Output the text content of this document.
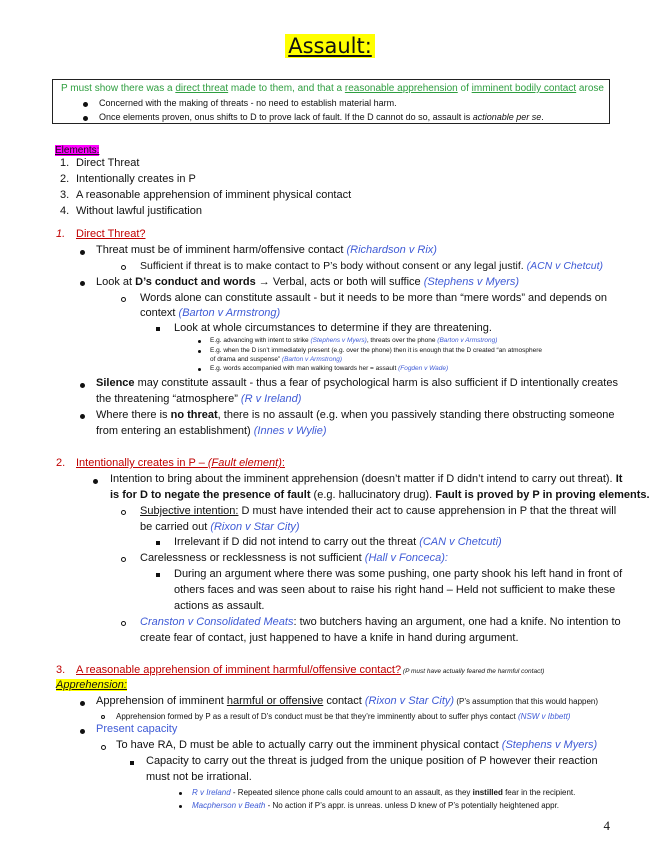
Assault:
P must show there was a direct threat made to them, and that a reasonable apprehension of imminent bodily contact arose
Concerned with the making of threats - no need to establish material harm.
Once elements proven, onus shifts to D to prove lack of fault. If the D cannot do so, assault is actionable per se.
Elements:
1. Direct Threat
2. Intentionally creates in P
3. A reasonable apprehension of imminent physical contact
4. Without lawful justification
1. Direct Threat?
Threat must be of imminent harm/offensive contact (Richardson v Rix)
Sufficient if threat is to make contact to P’s body without consent or any legal justif. (ACN v Chetcut)
Look at D’s conduct and words → Verbal, acts or both will suffice (Stephens v Myers)
Words alone can constitute assault - but it needs to be more than “mere words” and depends on
context (Barton v Armstrong)
Look at whole circumstances to determine if they are threatening.
E.g. advancing with intent to strike (Stephens v Myers), threats over the phone (Barton v Armstrong)
E.g. when the D isn’t immediately present (e.g. over the phone) then it is enough that the D created “an atmosphere
of drama and suspense” (Barton v Armstrong)
E.g. words accompanied with man walking towards her = assault (Fogden v Wade)
Silence may constitute assault - thus a fear of psychological harm is also sufficient if D intentionally creates
the threatening “atmosphere” (R v Ireland)
Where there is no threat, there is no assault (e.g. when you passively standing there obstructing someone
from entering an establishment) (Innes v Wylie)
2. Intentionally creates in P – (Fault element):
Intention to bring about the imminent apprehension (doesn’t matter if D didn’t intend to carry out threat). It
is for D to negate the presence of fault (e.g. hallucinatory drug). Fault is proved by P in proving elements.
Subjective intention: D must have intended their act to cause apprehension in P that the threat will
be carried out (Rixon v Star City)
Irrelevant if D did not intend to carry out the threat (CAN v Chetcuti)
Carelessness or recklessness is not sufficient (Hall v Fonceca):
During an argument where there was some pushing, one party shook his left hand in front of
others faces and was seen about to raise his right hand – Held not sufficient to make these
actions as assault.
Cranston v Consolidated Meats: two butchers having an argument, one had a knife. No intention to
create fear of contact, just happened to have a knife in hand during argument.
3. A reasonable apprehension of imminent harmful/offensive contact? (P must have actually feared the harmful contact)
Apprehension:
Apprehension of imminent harmful or offensive contact (Rixon v Star City) (P’s assumption that this would happen)
Apprehension formed by P as a result of D’s conduct must be that they’re imminently about to suffer phys contact (NSW v Ibbett)
Present capacity
To have RA, D must be able to actually carry out the imminent physical contact (Stephens v Myers)
Capacity to carry out the threat is judged from the unique position of P however their reaction
must not be irrational.
R v Ireland - Repeated silence phone calls could amount to an assault, as they instilled fear in the recipient.
Macpherson v Beath - No action if P’s appr. is unreas. unless D knew of P’s potentially heightened appr.
4
